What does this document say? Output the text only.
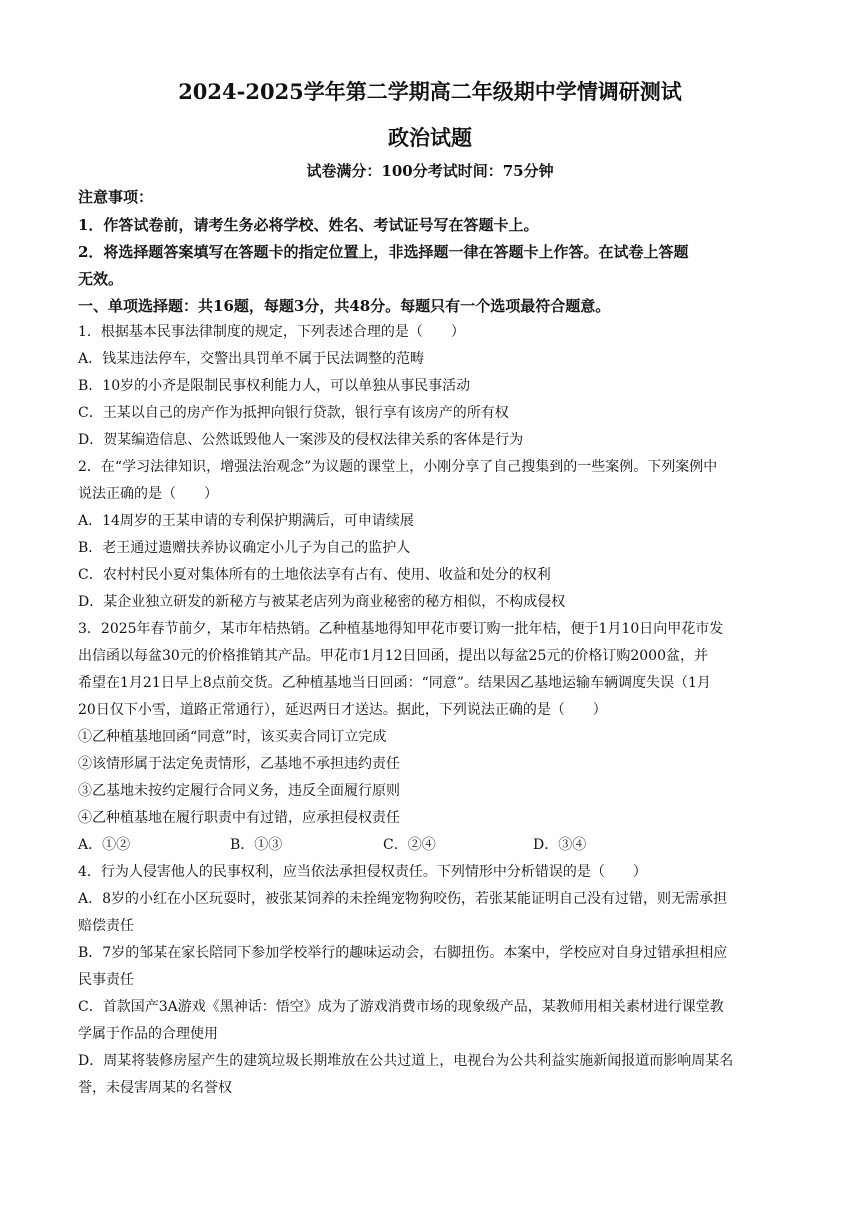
2024-2025学年第二学期高二年级期中学情调研测试
政治试题
试卷满分：100分考试时间：75分钟
注意事项：
1．作答试卷前，请考生务必将学校、姓名、考试证号写在答题卡上。
2．将选择题答案填写在答题卡的指定位置上，非选择题一律在答题卡上作答。在试卷上答题
无效。
一、单项选择题：共16题，每题3分，共48分。每题只有一个选项最符合题意。
1．根据基本民事法律制度的规定，下列表述合理的是（　　）
A．钱某违法停车，交警出具罚单不属于民法调整的范畴
B．10岁的小齐是限制民事权利能力人，可以单独从事民事活动
C．王某以自己的房产作为抵押向银行贷款，银行享有该房产的所有权
D．贺某编造信息、公然诋毁他人一案涉及的侵权法律关系的客体是行为
2．在“学习法律知识，增强法治观念”为议题的课堂上，小刚分享了自己搜集到的一些案例。下列案例中
说法正确的是（　　）
A．14周岁的王某申请的专利保护期满后，可申请续展
B．老王通过遗赠扶养协议确定小儿子为自己的监护人
C．农村村民小夏对集体所有的土地依法享有占有、使用、收益和处分的权利
D．某企业独立研发的新秘方与被某老店列为商业秘密的秘方相似，不构成侵权
3．2025年春节前夕，某市年桔热销。乙种植基地得知甲花市要订购一批年桔，便于1月10日向甲花市发
出信函以每盆30元的价格推销其产品。甲花市1月12日回函，提出以每盆25元的价格订购2000盆，并
希望在1月21日早上8点前交货。乙种植基地当日回函：“同意”。结果因乙基地运输车辆调度失误（1月
20日仅下小雪，道路正常通行），延迟两日才送达。据此，下列说法正确的是（　　）
①乙种植基地回函“同意”时，该买卖合同订立完成
②该情形属于法定免责情形，乙基地不承担违约责任
③乙基地未按约定履行合同义务，违反全面履行原则
④乙种植基地在履行职责中有过错，应承担侵权责任
A．①②	B．①③	C．②④	D．③④
4．行为人侵害他人的民事权利，应当依法承担侵权责任。下列情形中分析错误的是（　　）
A．8岁的小红在小区玩耍时，被张某饲养的未拴绳宠物狗咬伤，若张某能证明自己没有过错，则无需承担
赔偿责任
B．7岁的邹某在家长陪同下参加学校举行的趣味运动会，右脚扭伤。本案中，学校应对自身过错承担相应
民事责任
C．首款国产3A游戏《黑神话：悟空》成为了游戏消费市场的现象级产品，某教师用相关素材进行课堂教
学属于作品的合理使用
D．周某将装修房屋产生的建筑垃圾长期堆放在公共过道上，电视台为公共利益实施新闻报道而影响周某名
誉，未侵害周某的名誉权
